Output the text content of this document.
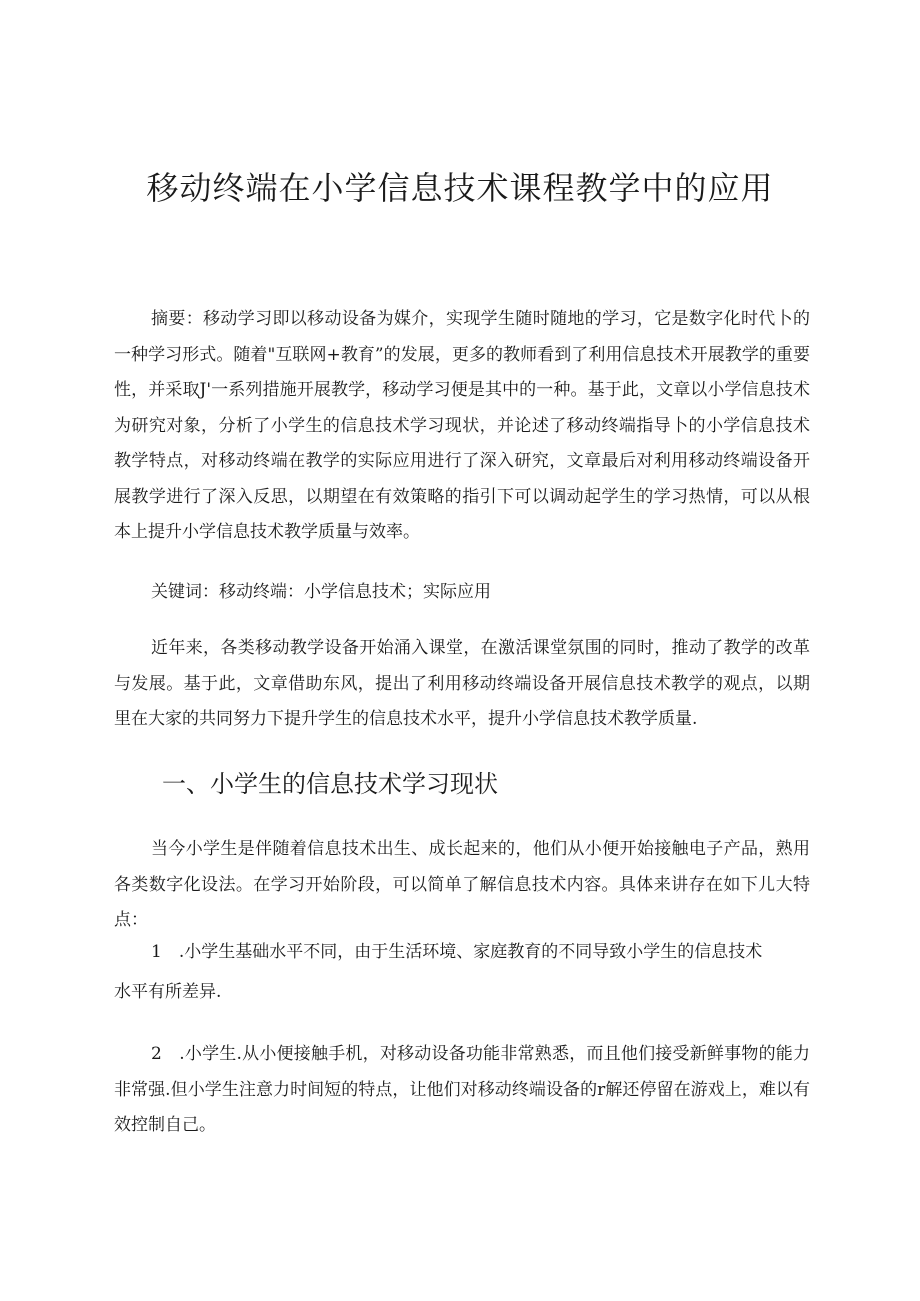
移动终端在小学信息技术课程教学中的应用

摘要：移动学习即以移动设备为媒介，实现学生随时随地的学习，它是数字化时代卜的一种学习形式。随着"互联网+教育”的发展，更多的教师看到了利用信息技术开展教学的重要性，并采取J'一系列措施开展教学，移动学习便是其中的一种。基于此，文章以小学信息技术为研究对象，分析了小学生的信息技术学习现状，并论述了移动终端指导卜的小学信息技术教学特点，对移动终端在教学的实际应用进行了深入研究，文章最后对利用移动终端设备开展教学进行了深入反思，以期望在有效策略的指引下可以调动起学生的学习热情，可以从根本上提升小学信息技术教学质量与效率。

关键词：移动终端：小学信息技术；实际应用

近年来，各类移动教学设备开始涌入课堂，在激活课堂氛围的同时，推动了教学的改革与发展。基于此，文章借助东风，提出了利用移动终端设备开展信息技术教学的观点，以期里在大家的共同努力下提升学生的信息技术水平，提升小学信息技术教学质量.

一、小学生的信息技术学习现状

当今小学生是伴随着信息技术出生、成长起来的，他们从小便开始接触电子产品，熟用各类数字化设法。在学习开始阶段，可以简单了解信息技术内容。具体来讲存在如下儿大特点：

1　.小学生基础水平不同，由于生活环境、家庭教育的不同导致小学生的信息技术
水平有所差异.

2　.小学生.从小便接触手机，对移动设备功能非常熟悉，而且他们接受新鲜事物的能力非常强.但小学生注意力时间短的特点，让他们对移动终端设备的r解还停留在游戏上，难以有效控制自己。
